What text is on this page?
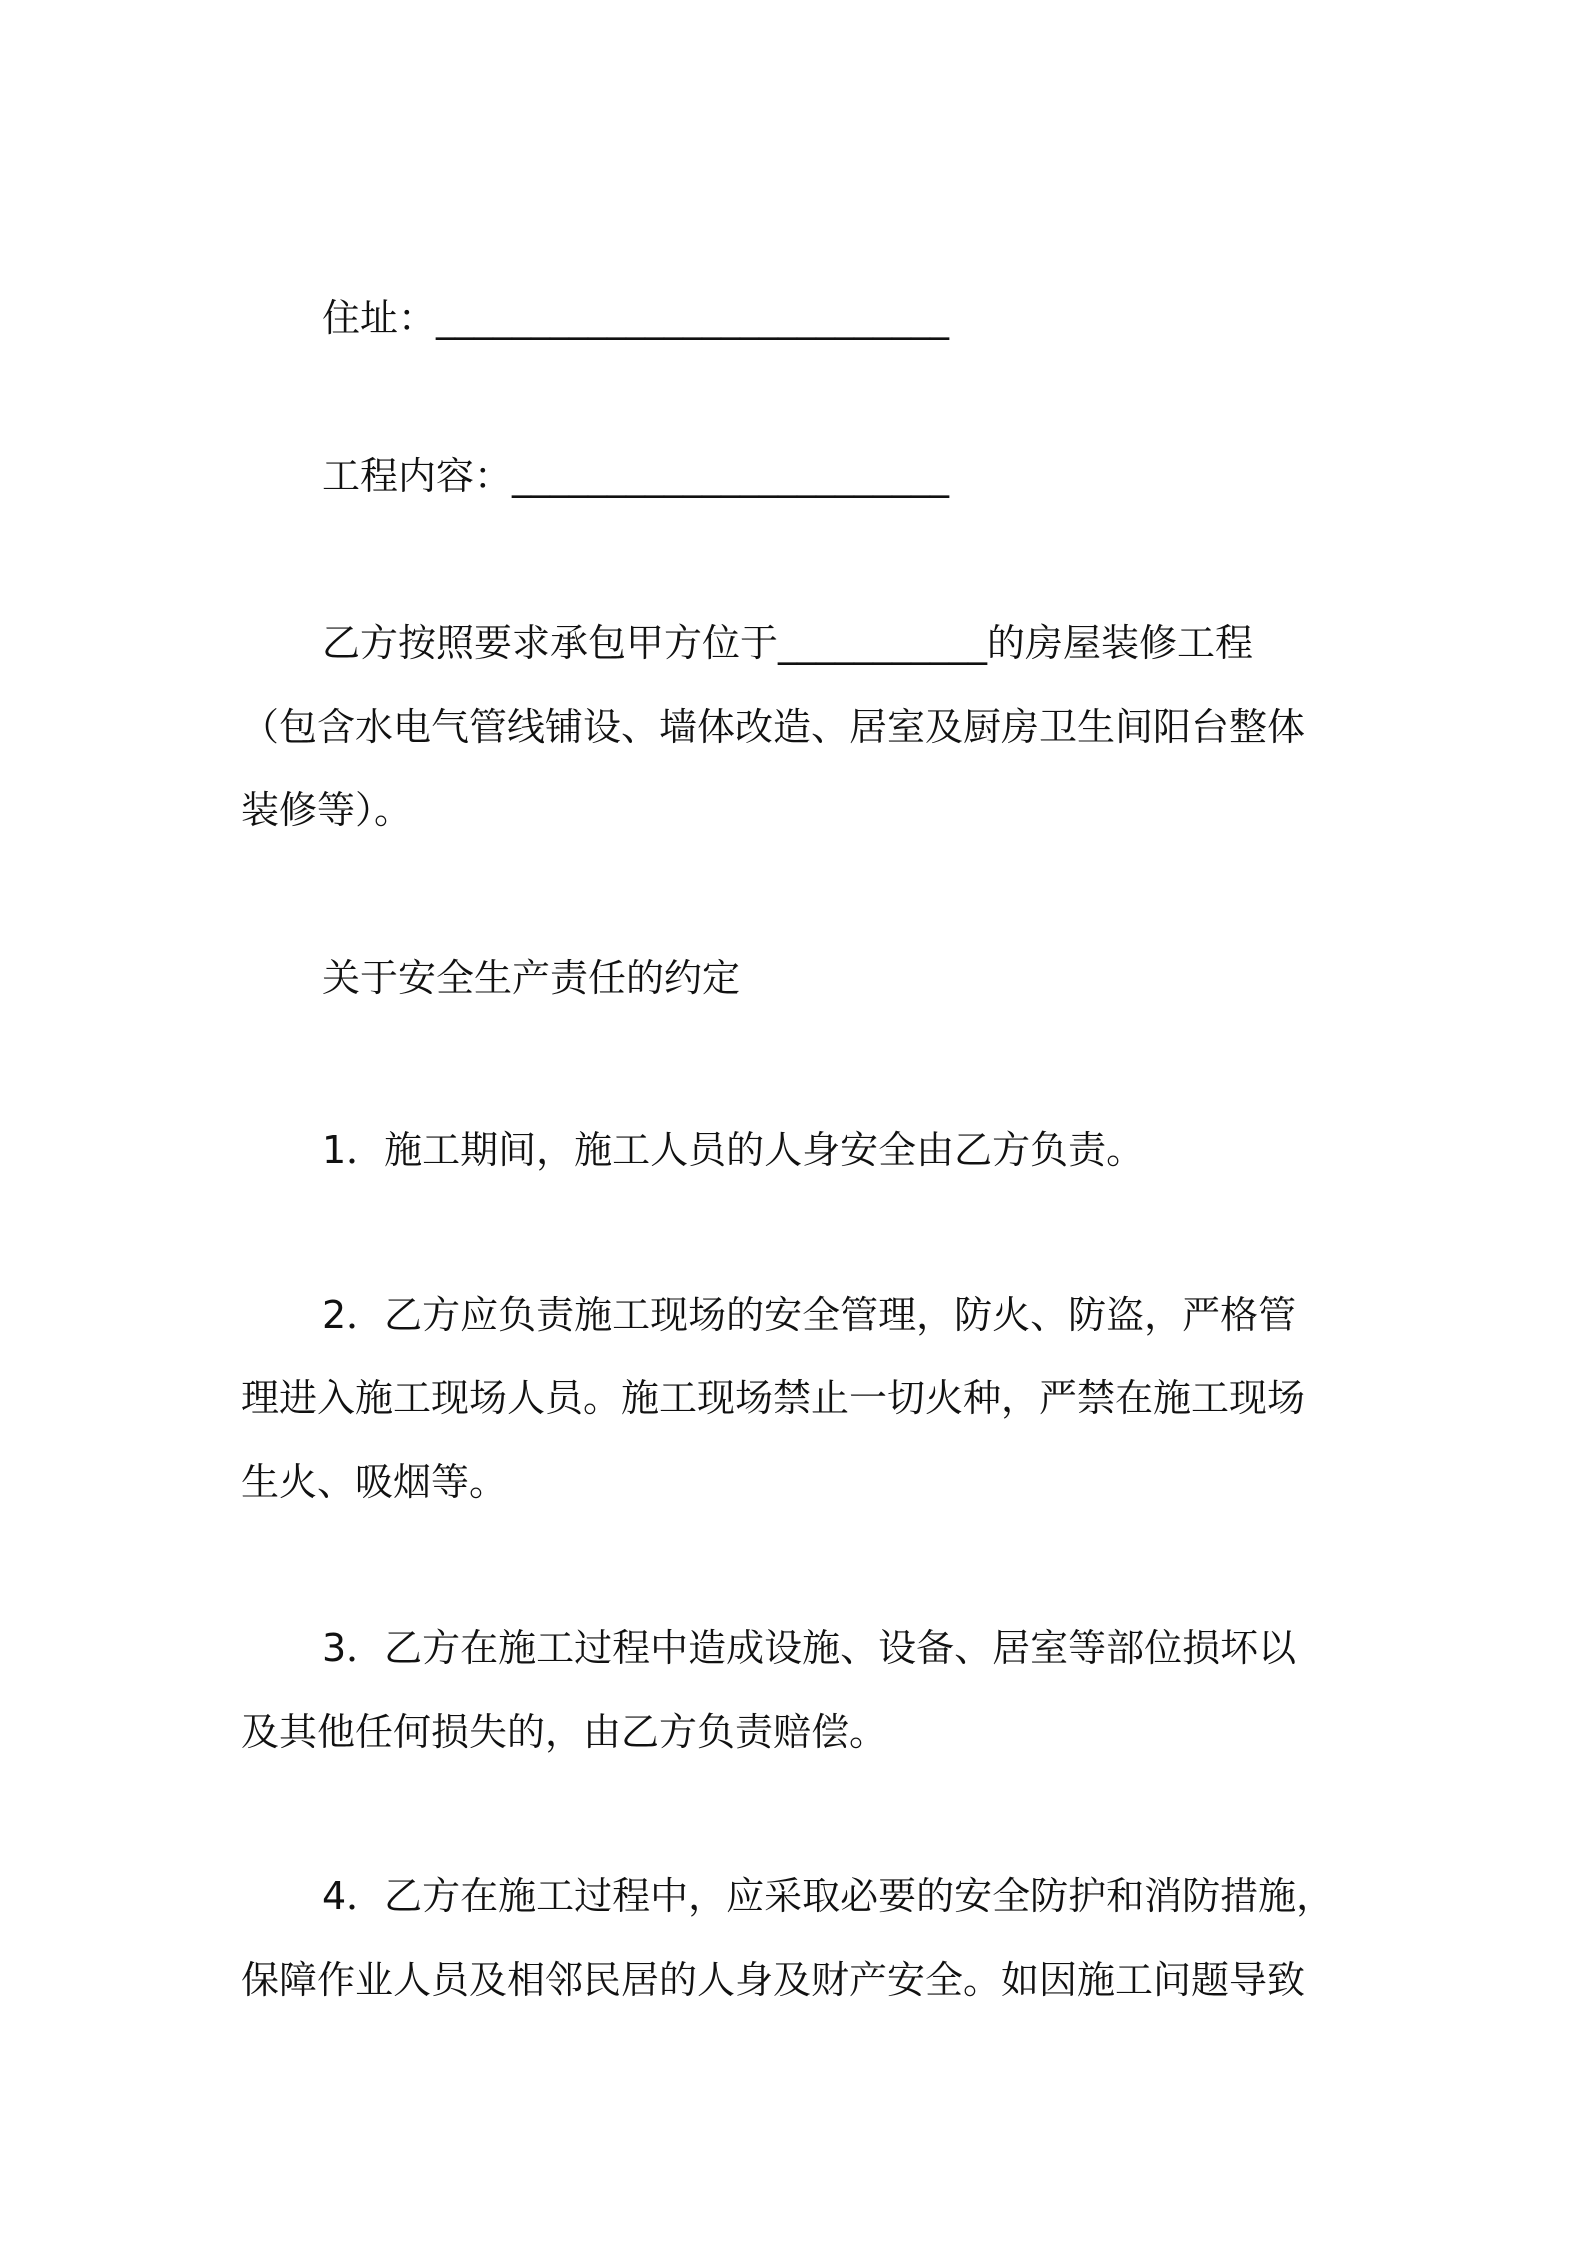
住址：___________________________
工程内容：_______________________
乙方按照要求承包甲方位于___________的房屋装修工程
（包含水电气管线铺设、墙体改造、居室及厨房卫生间阳台整体
装修等）。
关于安全生产责任的约定
1．施工期间，施工人员的人身安全由乙方负责。
2．乙方应负责施工现场的安全管理，防火、防盗，严格管
理进入施工现场人员。施工现场禁止一切火种，严禁在施工现场
生火、吸烟等。
3．乙方在施工过程中造成设施、设备、居室等部位损坏以
及其他任何损失的，由乙方负责赔偿。
4．乙方在施工过程中，应采取必要的安全防护和消防措施，
保障作业人员及相邻民居的人身及财产安全。如因施工问题导致
